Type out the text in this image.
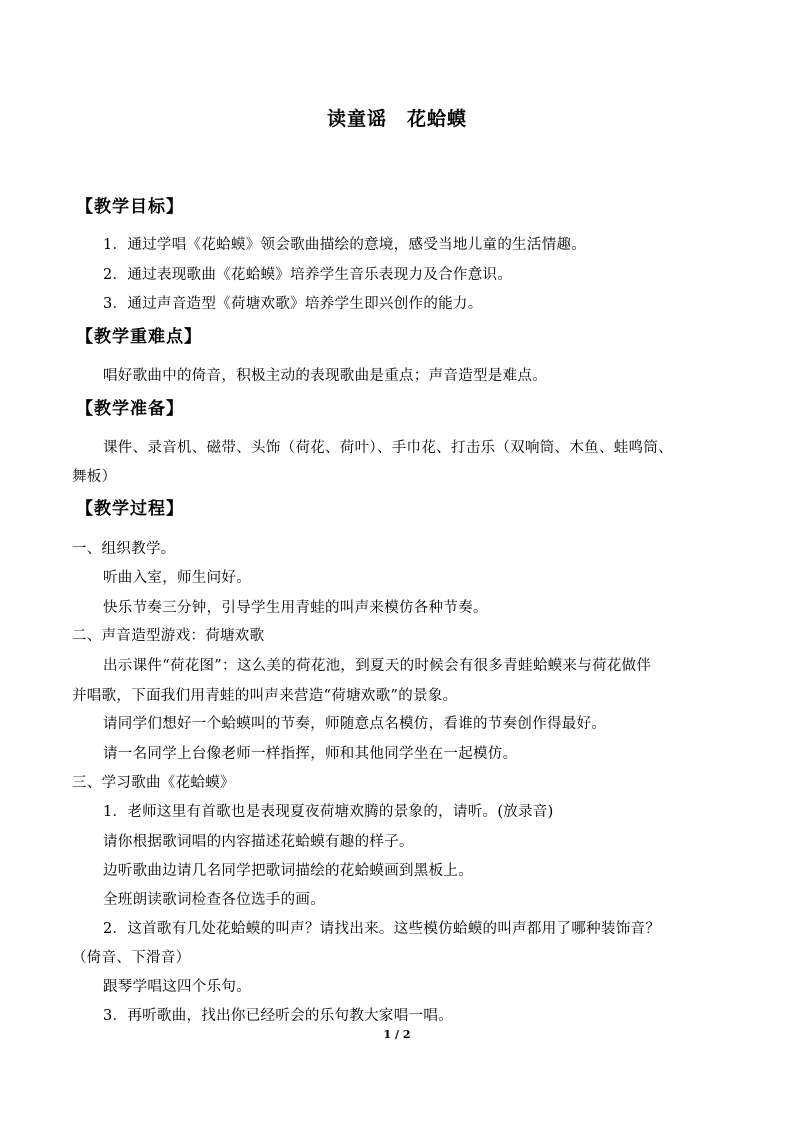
读童谣　花蛤蟆
【教学目标】
1．通过学唱《花蛤蟆》领会歌曲描绘的意境，感受当地儿童的生活情趣。
2．通过表现歌曲《花蛤蟆》培养学生音乐表现力及合作意识。
3．通过声音造型《荷塘欢歌》培养学生即兴创作的能力。
【教学重难点】
唱好歌曲中的倚音，积极主动的表现歌曲是重点；声音造型是难点。
【教学准备】
课件、录音机、磁带、头饰（荷花、荷叶）、手巾花、打击乐（双响筒、木鱼、蛙鸣筒、
舞板）
【教学过程】
一、组织教学。
听曲入室，师生问好。
快乐节奏三分钟，引导学生用青蛙的叫声来模仿各种节奏。
二、声音造型游戏：荷塘欢歌
出示课件“荷花图”：这么美的荷花池，到夏天的时候会有很多青蛙蛤蟆来与荷花做伴
并唱歌，下面我们用青蛙的叫声来营造“荷塘欢歌”的景象。
请同学们想好一个蛤蟆叫的节奏，师随意点名模仿，看谁的节奏创作得最好。
请一名同学上台像老师一样指挥，师和其他同学坐在一起模仿。
三、学习歌曲《花蛤蟆》
1．老师这里有首歌也是表现夏夜荷塘欢腾的景象的，请听。(放录音)
请你根据歌词唱的内容描述花蛤蟆有趣的样子。
边听歌曲边请几名同学把歌词描绘的花蛤蟆画到黑板上。
全班朗读歌词检查各位选手的画。
2．这首歌有几处花蛤蟆的叫声？请找出来。这些模仿蛤蟆的叫声都用了哪种装饰音？
（倚音、下滑音）
跟琴学唱这四个乐句。
3．再听歌曲，找出你已经听会的乐句教大家唱一唱。
1 / 2
